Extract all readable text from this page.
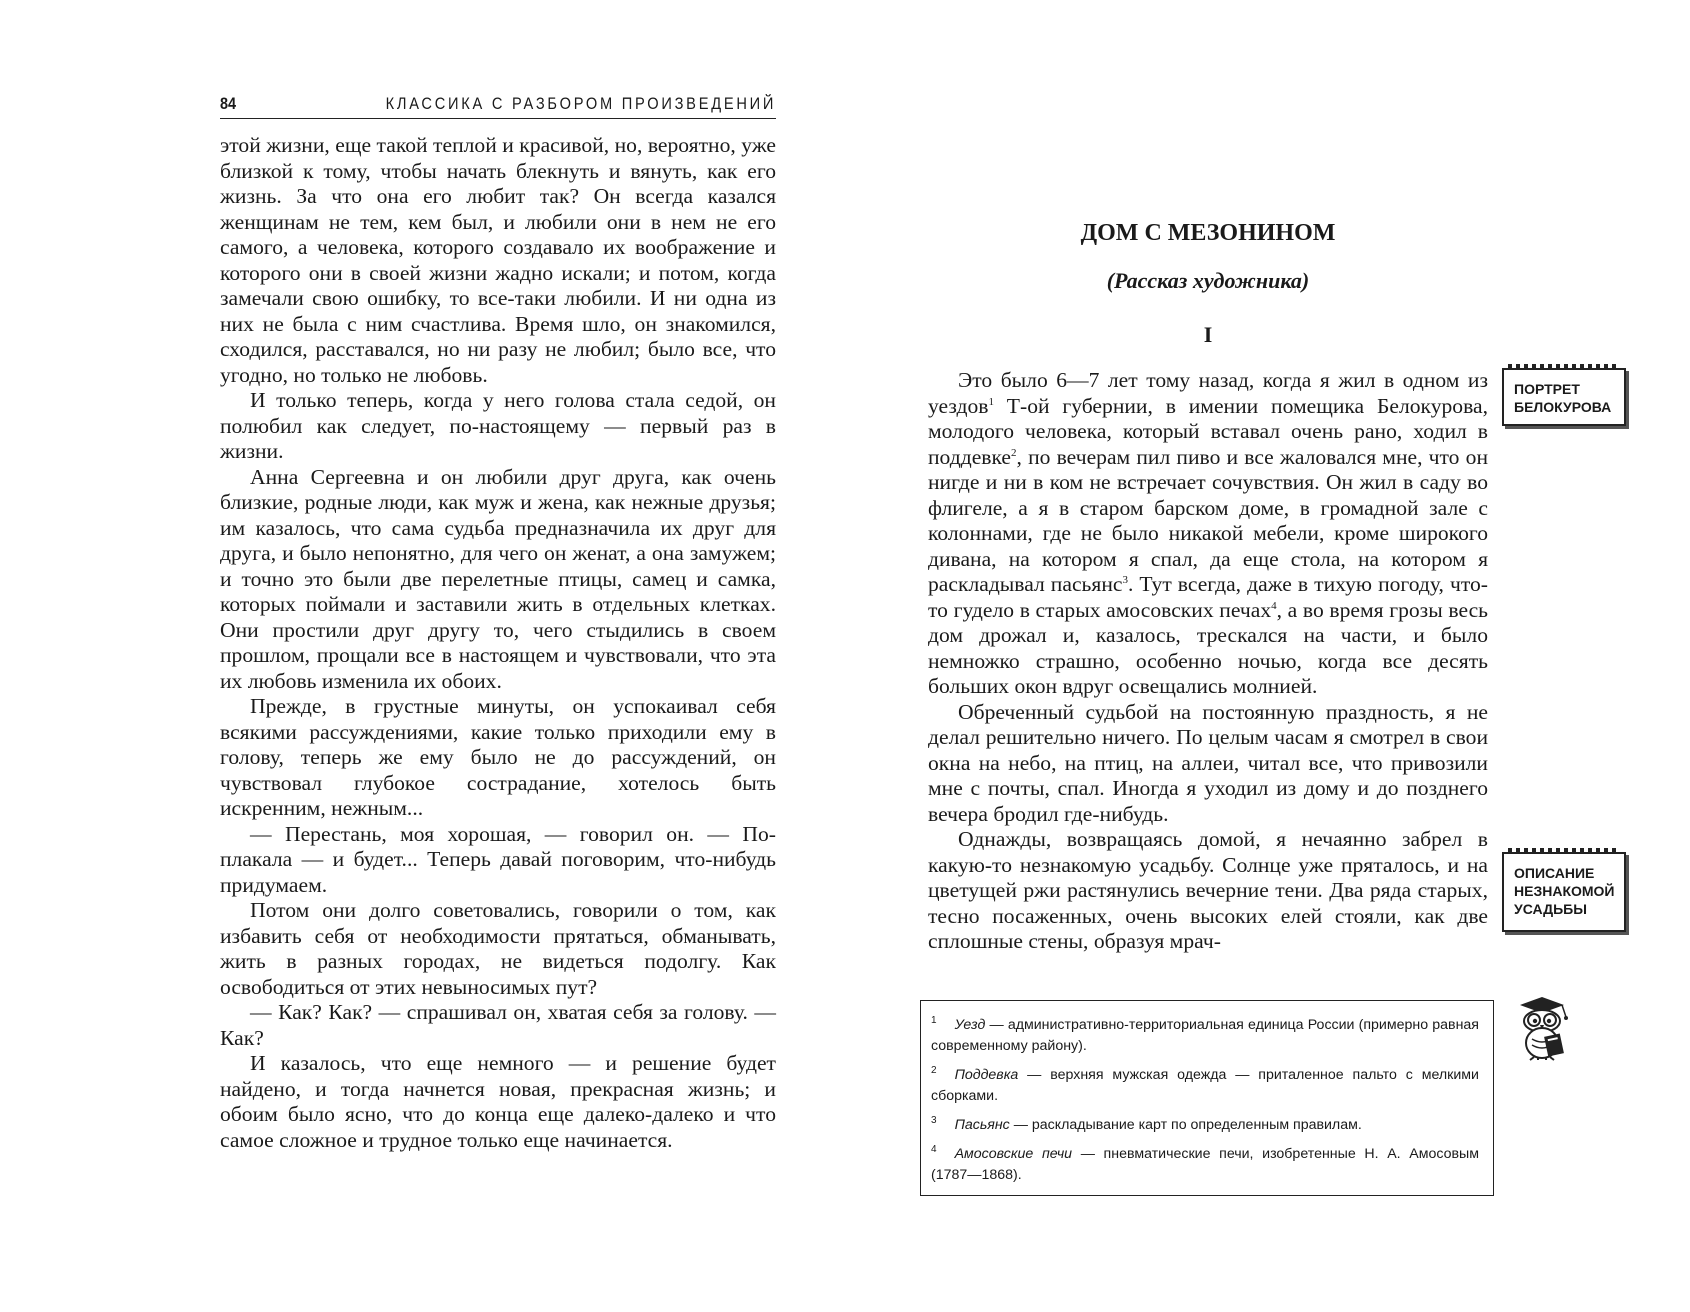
84	КЛАССИКА С РАЗБОРОМ ПРОИЗВЕДЕНИЙ

этой жизни, еще такой теплой и красивой, но, вероятно, уже близкой к тому, чтобы начать блекнуть и вянуть, как его жизнь. За что она его любит так? Он всегда казался женщинам не тем, кем был, и любили они в нем не его самого, а человека, которого создавало их воображение и которого они в своей жизни жадно искали; и потом, когда замечали свою ошибку, то все-таки любили. И ни одна из них не была с ним счастлива. Время шло, он знакомился, сходился, расставался, но ни разу не любил; было все, что угодно, но только не любовь.

И только теперь, когда у него голова стала седой, он полюбил как следует, по-настоящему — первый раз в жизни.

Анна Сергеевна и он любили друг друга, как очень близкие, родные люди, как муж и жена, как нежные друзья; им казалось, что сама судьба предназначила их друг для друга, и было непонятно, для чего он женат, а она замужем; и точно это были две перелетные птицы, самец и самка, которых поймали и заставили жить в отдельных клетках. Они простили друг другу то, чего стыдились в своем прошлом, прощали все в настоящем и чувствовали, что эта их любовь изменила их обоих.

Прежде, в грустные минуты, он успокаивал себя всякими рассуждениями, какие только приходили ему в голову, теперь же ему было не до рассуждений, он чувствовал глубокое сострадание, хотелось быть искренним, нежным...

— Перестань, моя хорошая, — говорил он. — Поплакала — и будет... Теперь давай поговорим, что-нибудь придумаем.

Потом они долго советовались, говорили о том, как избавить себя от необходимости прятаться, обманывать, жить в разных городах, не видеться подолгу. Как освободиться от этих невыносимых пут?

— Как? Как? — спрашивал он, хватая себя за голову. — Как?

И казалось, что еще немного — и решение будет найдено, и тогда начнется новая, прекрасная жизнь; и обоим было ясно, что до конца еще далеко-далеко и что самое сложное и трудное только еще начинается.

ДОМ С МЕЗОНИНОМ
(Рассказ художника)
I

Это было 6—7 лет тому назад, когда я жил в одном из уездов$^1$ Т-ой губернии, в имении помещика Белокурова, молодого человека, который вставал очень рано, ходил в поддевке$^2$, по вечерам пил пиво и все жаловался мне, что он нигде и ни в ком не встречает сочувствия. Он жил в саду во флигеле, а я в старом барском доме, в громадной зале с колоннами, где не было никакой мебели, кроме широкого дивана, на котором я спал, да еще стола, на котором я раскладывал пасьянс$^3$. Тут всегда, даже в тихую погоду, что-то гудело в старых амосовских печах$^4$, а во время грозы весь дом дрожал и, казалось, трескался на части, и было немножко страшно, особенно ночью, когда все десять больших окон вдруг освещались молнией.

Обреченный судьбой на постоянную праздность, я не делал решительно ничего. По целым часам я смотрел в свои окна на небо, на птиц, на аллеи, читал все, что привозили мне с почты, спал. Иногда я уходил из дому и до позднего вечера бродил где-нибудь.

Однажды, возвращаясь домой, я нечаянно забрел в какую-то незнакомую усадьбу. Солнце уже пряталось, и на цветущей ржи растянулись вечерние тени. Два ряда старых, тесно посаженных, очень высоких елей стояли, как две сплошные стены, образуя мрач-

ПОРТРЕТ
БЕЛОКУРОВА
ОПИСАНИЕ
НЕЗНАКОМОЙ
УСАДЬБЫ

$^1$ Уезд — административно-территориальная единица России (примерно равная современному району).

$^2$ Поддевка — верхняя мужская одежда — приталенное пальто с мелкими сборками.

$^3$ Пасьянс — раскладывание карт по определенным правилам.

$^4$ Амосовские печи — пневматические печи, изобретенные Н. А. Амосовым (1787—1868).
